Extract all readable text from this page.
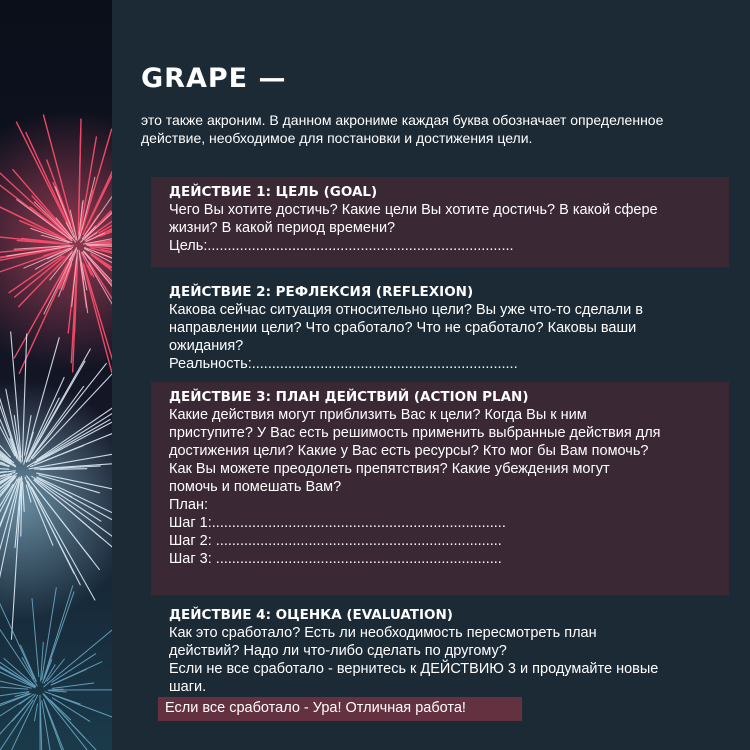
GRAPE —

это также акроним. В данном акрониме каждая буква обозначает определенное действие, необходимое для постановки и достижения цели.

ДЕЙСТВИЕ 1: ЦЕЛЬ (GOAL)

Чего Вы хотите достичь? Какие цели Вы хотите достичь? В какой сфере

жизни? В какой период времени?

Цель:............................................................................

ДЕЙСТВИЕ 2: РЕФЛЕКСИЯ (REFLEXION)

Какова сейчас ситуация относительно цели? Вы уже что-то сделали в

направлении цели? Что сработало? Что не сработало? Каковы ваши

ожидания?

Реальность:..................................................................

ДЕЙСТВИЕ 3: ПЛАН ДЕЙСТВИЙ (ACTION PLAN)

Какие действия могут приблизить Вас к цели? Когда Вы к ним

приступите? У Вас есть решимость применить выбранные действия для

достижения цели? Какие у Вас есть ресурсы? Кто мог бы Вам помочь?

Как Вы можете преодолеть препятствия? Какие убеждения могут

помочь и помешать Вам?

План:

Шаг 1:.........................................................................

Шаг 2: .......................................................................

Шаг 3: .......................................................................

ДЕЙСТВИЕ 4: ОЦЕНКА (EVALUATION)

Как это сработало? Есть ли необходимость пересмотреть план

действий? Надо ли что-либо сделать по другому?

Если не все сработало - вернитесь к ДЕЙСТВИЮ 3 и продумайте новые

шаги.

Если все сработало - Ура! Отличная работа!
